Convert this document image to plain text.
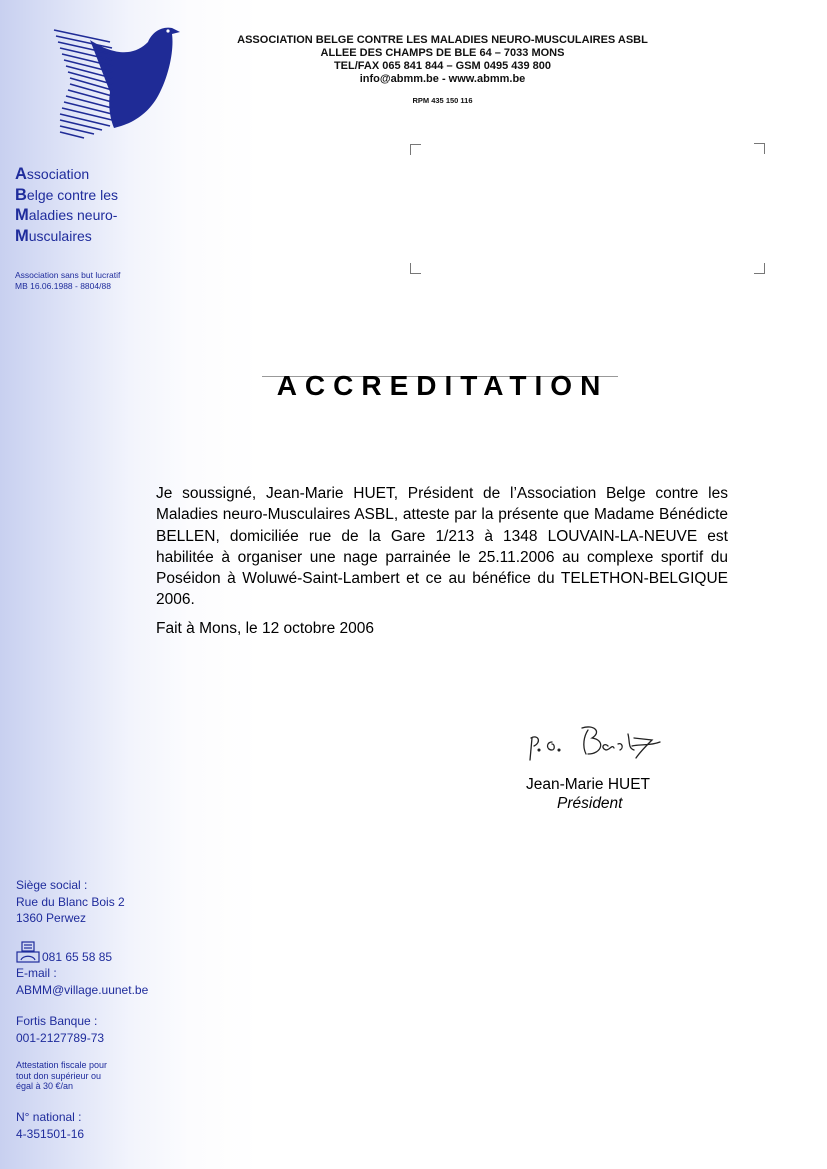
ASSOCIATION BELGE CONTRE LES MALADIES NEURO-MUSCULAIRES ASBL
ALLEE DES CHAMPS DE BLE 64 – 7033 MONS
TEL/FAX 065 841 844 – GSM 0495 439 800
info@abmm.be - www.abmm.be
RPM 435 150 116
Association
Belge contre les
Maladies neuro-
Musculaires
Association sans but lucratif
MB 16.06.1988 - 8804/88
ACCREDITATION
Je soussigné, Jean-Marie HUET, Président de l’Association Belge contre les Maladies neuro-Musculaires ASBL, atteste par la présente que Madame Bénédicte BELLEN, domiciliée rue de la Gare 1/213 à 1348 LOUVAIN-LA-NEUVE est habilitée à organiser une nage parrainée le 25.11.2006 au complexe sportif du Poséidon à Woluwé-Saint-Lambert et ce au bénéfice du TELETHON-BELGIQUE 2006.
Fait à Mons, le 12 octobre 2006
Jean-Marie HUET
Président
Siège social :
Rue du Blanc Bois 2
1360 Perwez
081 65 58 85
E-mail :
ABMM@village.uunet.be
Fortis Banque :
001-2127789-73
Attestation fiscale pour
tout don supérieur ou
égal à 30 €/an
N° national :
4-351501-16
